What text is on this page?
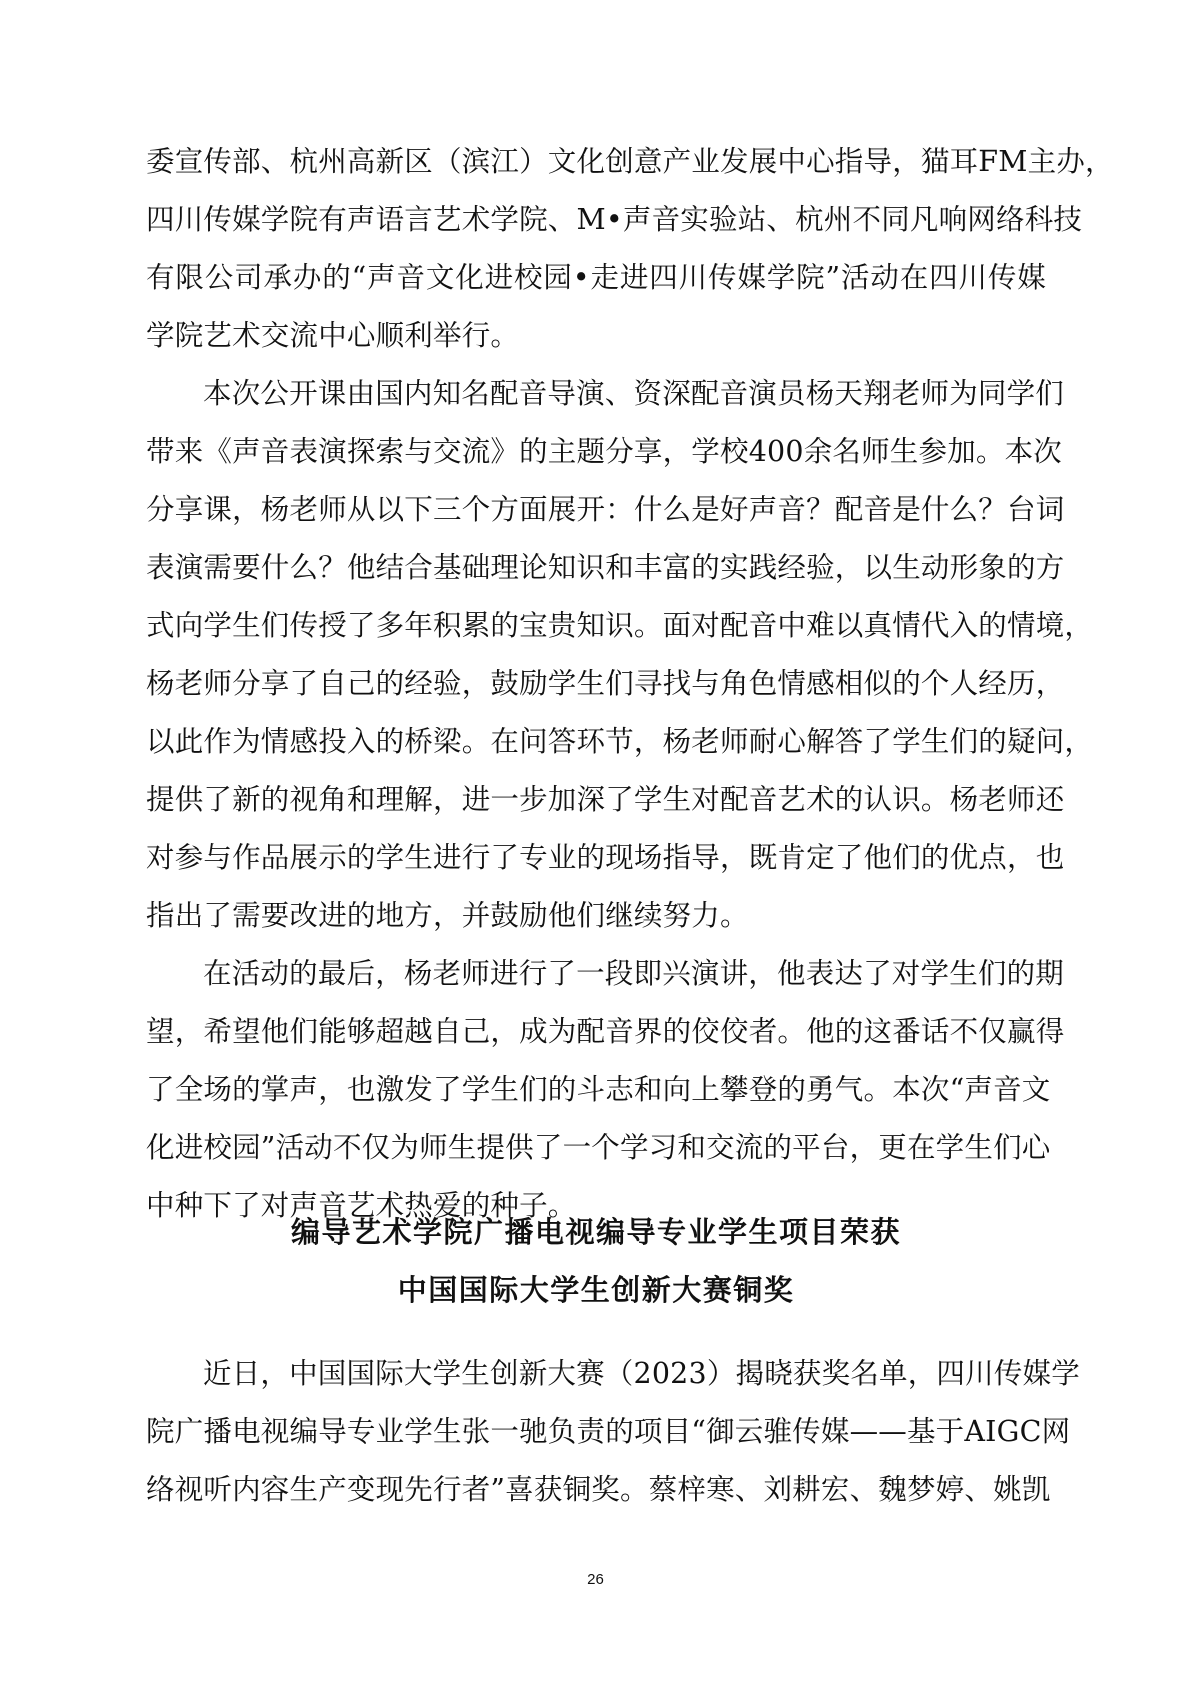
委宣传部、杭州高新区（滨江）文化创意产业发展中心指导，猫耳FM主办，
四川传媒学院有声语言艺术学院、M•声音实验站、杭州不同凡响网络科技
有限公司承办的“声音文化进校园•走进四川传媒学院”活动在四川传媒
学院艺术交流中心顺利举行。
本次公开课由国内知名配音导演、资深配音演员杨天翔老师为同学们
带来《声音表演探索与交流》的主题分享，学校400余名师生参加。本次
分享课，杨老师从以下三个方面展开：什么是好声音？配音是什么？台词
表演需要什么？他结合基础理论知识和丰富的实践经验，以生动形象的方
式向学生们传授了多年积累的宝贵知识。面对配音中难以真情代入的情境，
杨老师分享了自己的经验，鼓励学生们寻找与角色情感相似的个人经历，
以此作为情感投入的桥梁。在问答环节，杨老师耐心解答了学生们的疑问，
提供了新的视角和理解，进一步加深了学生对配音艺术的认识。杨老师还
对参与作品展示的学生进行了专业的现场指导，既肯定了他们的优点，也
指出了需要改进的地方，并鼓励他们继续努力。
在活动的最后，杨老师进行了一段即兴演讲，他表达了对学生们的期
望，希望他们能够超越自己，成为配音界的佼佼者。他的这番话不仅赢得
了全场的掌声，也激发了学生们的斗志和向上攀登的勇气。本次“声音文
化进校园”活动不仅为师生提供了一个学习和交流的平台，更在学生们心
中种下了对声音艺术热爱的种子。
近日，中国国际大学生创新大赛（2023）揭晓获奖名单，四川传媒学
院广播电视编导专业学生张一驰负责的项目“御云骓传媒——基于AIGC网
络视听内容生产变现先行者”喜获铜奖。蔡梓寒、刘耕宏、魏梦婷、姚凯
编导艺术学院广播电视编导专业学生项目荣获
中国国际大学生创新大赛铜奖
26
